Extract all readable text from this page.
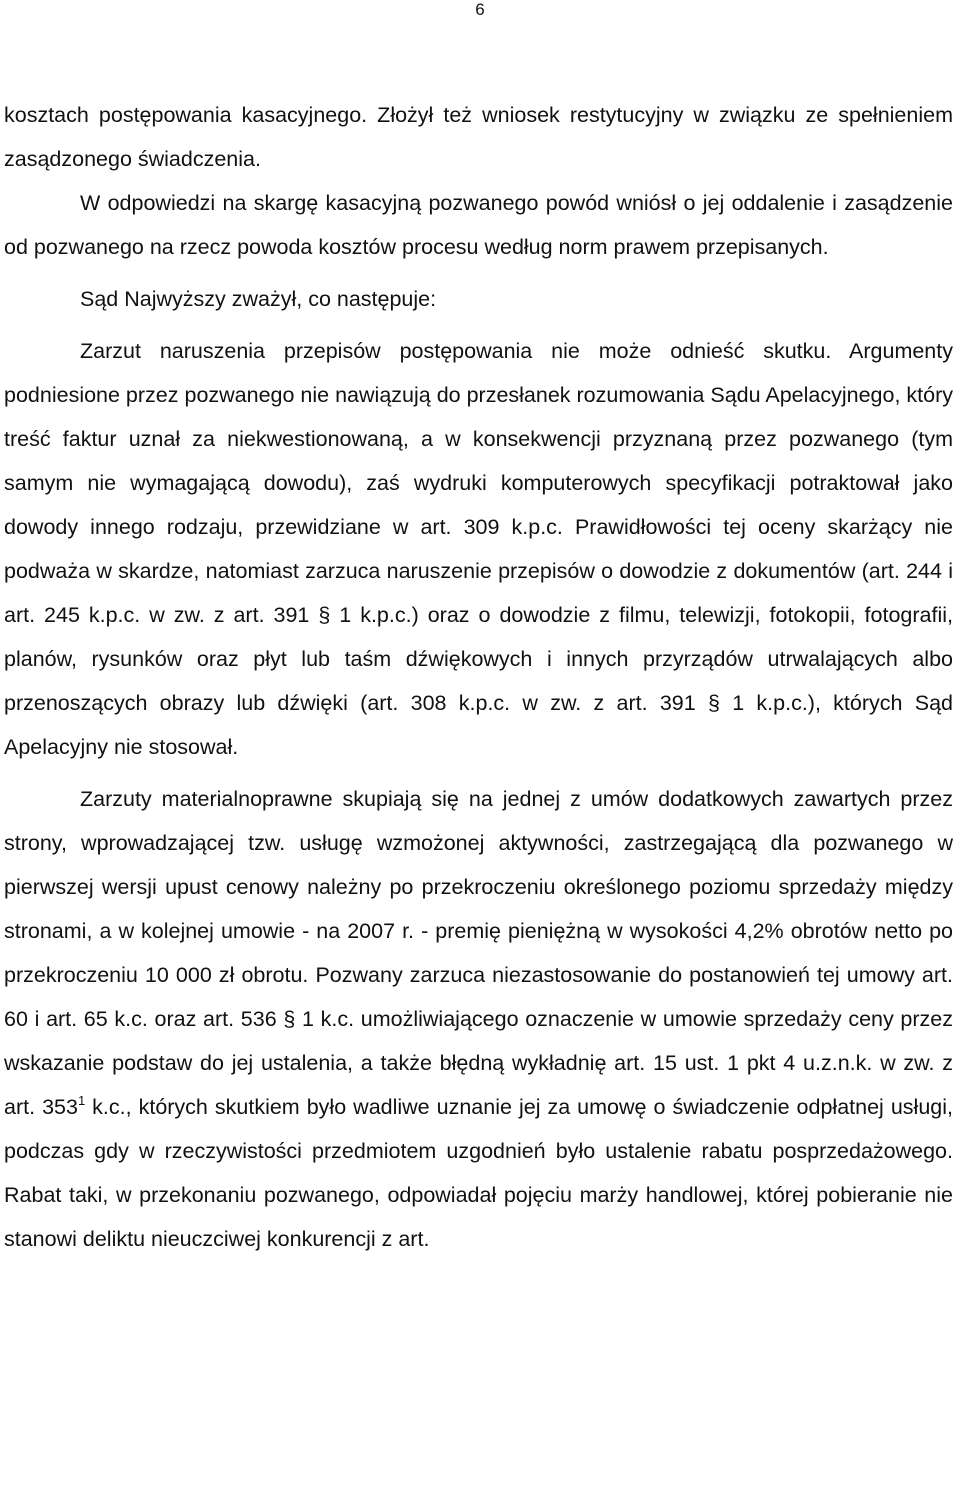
6

kosztach postępowania kasacyjnego. Złożył też wniosek restytucyjny w związku ze spełnieniem zasądzonego świadczenia.

W odpowiedzi na skargę kasacyjną pozwanego powód wniósł o jej oddalenie i zasądzenie od pozwanego na rzecz powoda kosztów procesu według norm prawem przepisanych.

Sąd Najwyższy zważył, co następuje:

Zarzut naruszenia przepisów postępowania nie może odnieść skutku. Argumenty podniesione przez pozwanego nie nawiązują do przesłanek rozumowania Sądu Apelacyjnego, który treść faktur uznał za niekwestionowaną, a w konsekwencji przyznaną przez pozwanego (tym samym nie wymagającą dowodu), zaś wydruki komputerowych specyfikacji potraktował jako dowody innego rodzaju, przewidziane w art. 309 k.p.c. Prawidłowości tej oceny skarżący nie podważa w skardze, natomiast zarzuca naruszenie przepisów o dowodzie z dokumentów (art. 244 i art. 245 k.p.c. w zw. z art. 391 § 1 k.p.c.) oraz o dowodzie z filmu, telewizji, fotokopii, fotografii, planów, rysunków oraz płyt lub taśm dźwiękowych i innych przyrządów utrwalających albo przenoszących obrazy lub dźwięki (art. 308 k.p.c. w zw. z art. 391 § 1 k.p.c.), których Sąd Apelacyjny nie stosował.

Zarzuty materialnoprawne skupiają się na jednej z umów dodatkowych zawartych przez strony, wprowadzającej tzw. usługę wzmożonej aktywności, zastrzegającą dla pozwanego w pierwszej wersji upust cenowy należny po przekroczeniu określonego poziomu sprzedaży między stronami, a w kolejnej umowie - na 2007 r. - premię pieniężną w wysokości 4,2% obrotów netto po przekroczeniu 10 000 zł obrotu. Pozwany zarzuca niezastosowanie do postanowień tej umowy art. 60 i art. 65 k.c. oraz art. 536 § 1 k.c. umożliwiającego oznaczenie w umowie sprzedaży ceny przez wskazanie podstaw do jej ustalenia, a także błędną wykładnię art. 15 ust. 1 pkt 4 u.z.n.k. w zw. z art. $353^1$ k.c., których skutkiem było wadliwe uznanie jej za umowę o świadczenie odpłatnej usługi, podczas gdy w rzeczywistości przedmiotem uzgodnień było ustalenie rabatu posprzedażowego. Rabat taki, w przekonaniu pozwanego, odpowiadał pojęciu marży handlowej, której pobieranie nie stanowi deliktu nieuczciwej konkurencji z art.
